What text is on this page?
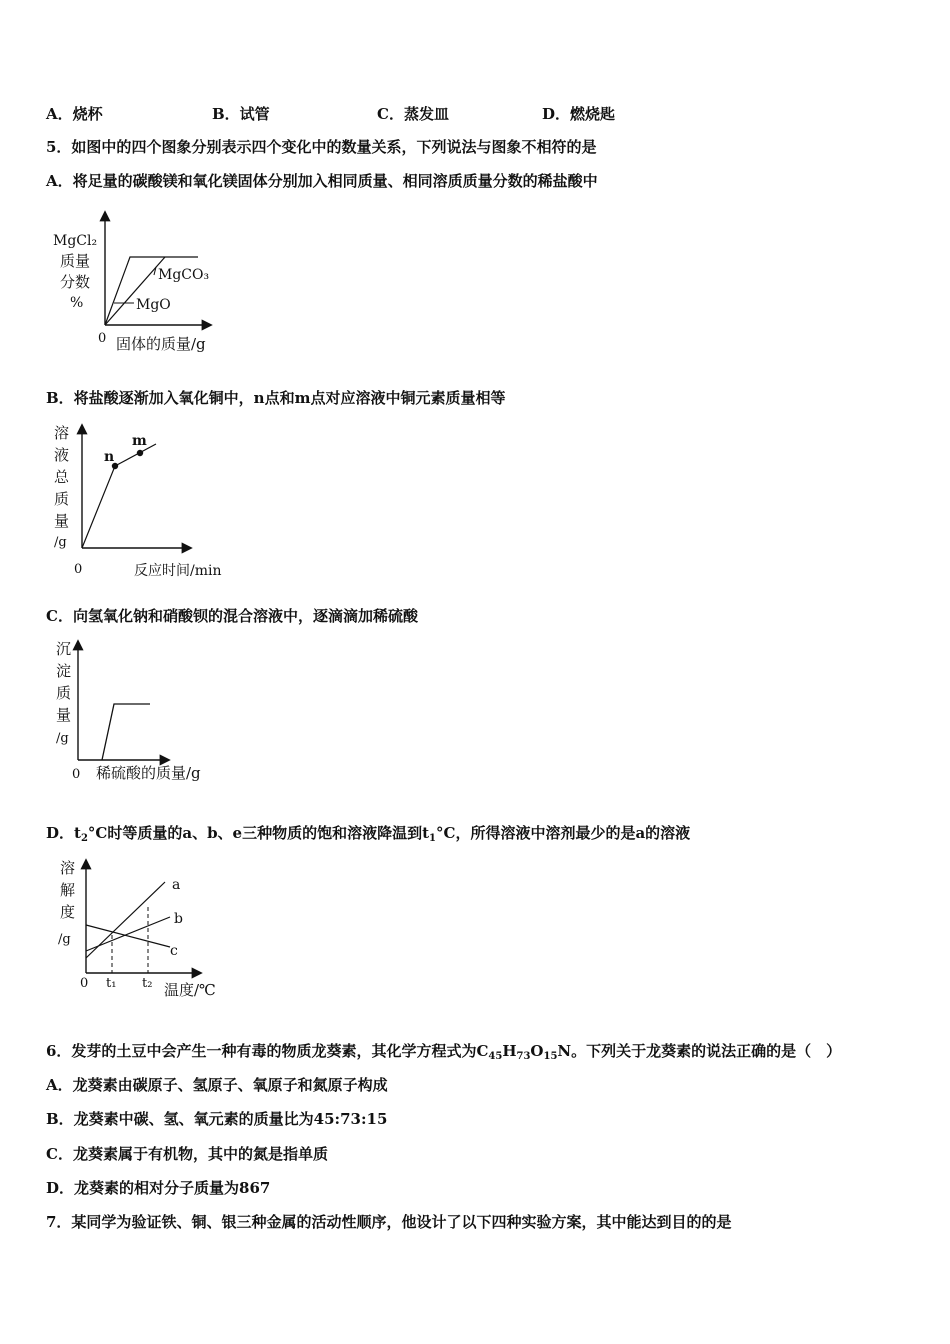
A．烧杯	B．试管	C．蒸发皿	D．燃烧匙
5．如图中的四个图象分别表示四个变化中的数量关系，下列说法与图象不相符的是
A．将足量的碳酸镁和氧化镁固体分别加入相同质量、相同溶质质量分数的稀盐酸中
MgCl₂
质量
分数
%
MgCO₃
MgO
0 固体的质量/g
B．将盐酸逐渐加入氧化铜中，n点和m点对应溶液中铜元素质量相等
n
m
溶
液
总
质
量
/g
0	反应时间/min
C．向氢氧化钠和硝酸钡的混合溶液中，逐滴滴加稀硫酸
沉
淀
质
量
/g
0 稀硫酸的质量/g
D．$t_2^\circ C$时等质量的a、b、e三种物质的饱和溶液降温到$t_1^\circ C$，所得溶液中溶剂最少的是a的溶液
溶
解
度
/g
a
b
c
0 t₁ t₂ 温度/℃
6．发芽的土豆中会产生一种有毒的物质龙葵素，其化学方程式为$C_{45}H_{73}O_{15}N$。下列关于龙葵素的说法正确的是（　）
A．龙葵素由碳原子、氢原子、氧原子和氮原子构成
B．龙葵素中碳、氢、氧元素的质量比为45:73:15
C．龙葵素属于有机物，其中的氮是指单质
D．龙葵素的相对分子质量为867
7．某同学为验证铁、铜、银三种金属的活动性顺序，他设计了以下四种实验方案，其中能达到目的的是
